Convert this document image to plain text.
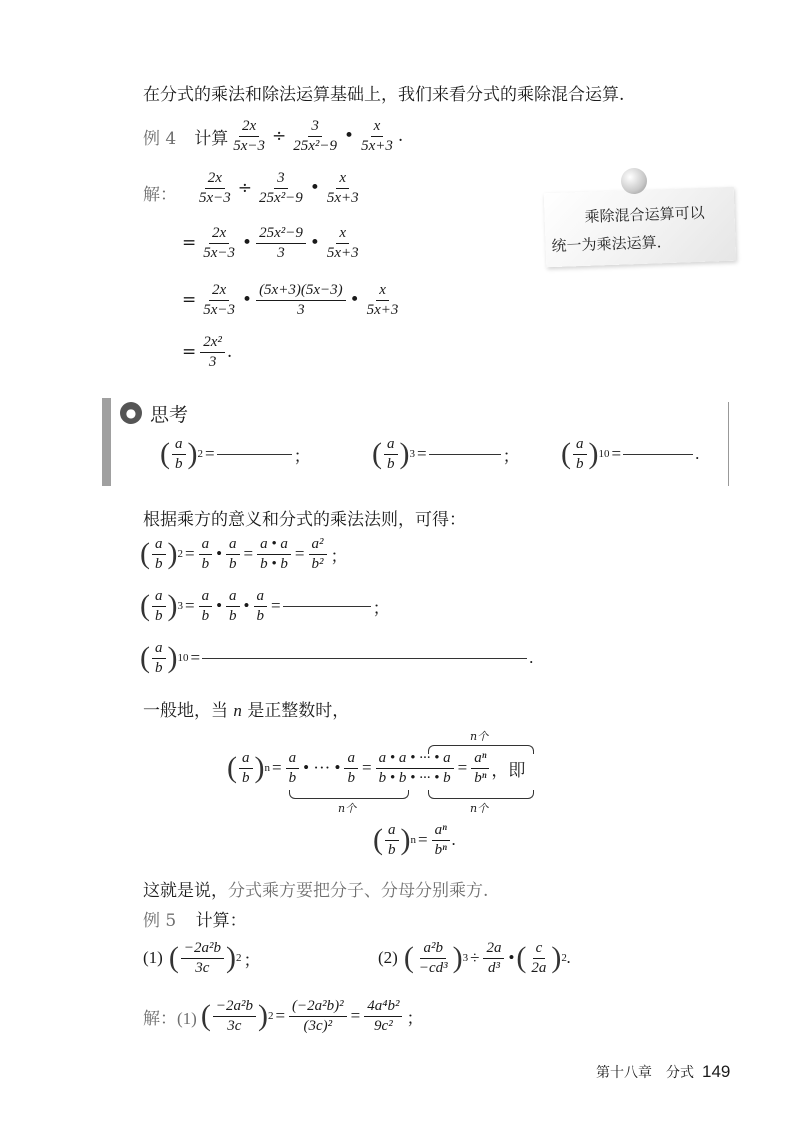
在分式的乘法和除法运算基础上，我们来看分式的乘除混合运算.
例 4 计算 $\frac{2x}{5x-3} \div \frac{3}{\text{25x²−9}}$ • $\frac{x}{5x+3}$ .
解： $\frac{2x}{5x-3} \div \frac{3}{\text{25x²−9}}$ • $\frac{x}{5x+3}$
= $\frac{2x}{5x-3}$ • $\frac{\text{25x²−9}}{3}$ • $\frac{x}{5x+3}$
= $\frac{2x}{5x-3}$ • $\frac{(5x+3)(5x-3)}{3}$ • $\frac{x}{5x+3}$
= $\frac{\text{2x²}}{3}$ .
乘除混合运算可以
统一为乘法运算.
● 思考
( $\frac{a}{b}$ ) 2 =	； ( $\frac{a}{b}$ ) 3 =	； ( $\frac{a}{b}$ ) 10 =	.
根据乘方的意义和分式的乘法法则，可得：
( $\frac{a}{b}$ ) $2 = \frac{a}{b}$ • $\frac{a}{b} = \frac{a • a}{b • b} = \frac{\text{a²}}{\text{b²}}$ ；
( $\frac{a}{b}$ ) $3 = \frac{a}{b}$ • $\frac{a}{b}$ • $\frac{a}{b}$ =	；
( $\frac{a}{b}$ ) 10 =	.
一般地，当 n 是正整数时，
( $\frac{a}{b}$ ) $n = \frac{a}{b}$ • ··· • $\frac{a}{b} = \frac{a • a • \cdot\cdot\cdot • a}{b • b • \cdot\cdot\cdot • b} = \frac{\text{aⁿ}}{\text{bⁿ}}$ ，即
n个
n个	n个
( $\frac{a}{b}$ ) $n = \frac{\text{aⁿ}}{\text{bⁿ}}$ .
这就是说，分式乘方要把分子、分母分别乘方.
例 5 计算：
(1) ( $\frac{\text{−2a²b}}{3c}$ ) 2 ；	(2) ( $\frac{\text{a²b}}{\text{−cd³}}$ ) $3 \div \frac{2a}{\text{d³}}$ • ( $\frac{c}{2a}$ ) 2 .
解：(1) ( $\frac{\text{−2a²b}}{3c}$ ) $2 = \frac{\text{(−2a²b)²}}{\text{(3c)²}} = \frac{\text{4a⁴b²}}{\text{9c²}}$ ；
第十八章　分式 149
